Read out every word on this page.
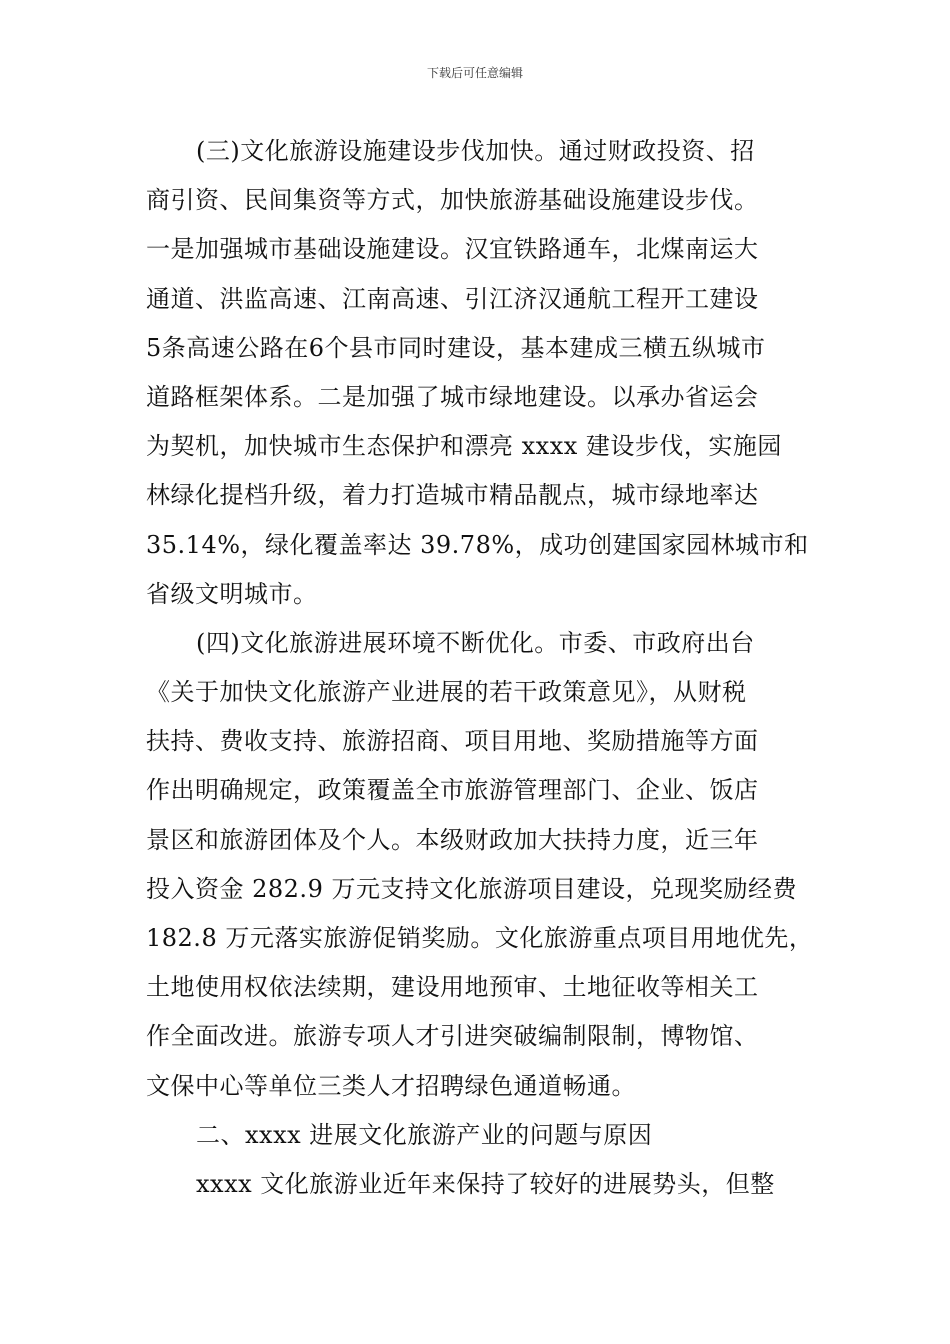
下载后可任意编辑
(三)文化旅游设施建设步伐加快。通过财政投资、招
商引资、民间集资等方式，加快旅游基础设施建设步伐。
一是加强城市基础设施建设。汉宜铁路通车，北煤南运大
通道、洪监高速、江南高速、引江济汉通航工程开工建设
5条高速公路在6个县市同时建设，基本建成三横五纵城市
道路框架体系。二是加强了城市绿地建设。以承办省运会
为契机，加快城市生态保护和漂亮 xxxx 建设步伐，实施园
林绿化提档升级，着力打造城市精品靓点，城市绿地率达
35.14%，绿化覆盖率达 39.78%，成功创建国家园林城市和
省级文明城市。
(四)文化旅游进展环境不断优化。市委、市政府出台
《关于加快文化旅游产业进展的若干政策意见》，从财税
扶持、费收支持、旅游招商、项目用地、奖励措施等方面
作出明确规定，政策覆盖全市旅游管理部门、企业、饭店
景区和旅游团体及个人。本级财政加大扶持力度，近三年
投入资金 282.9 万元支持文化旅游项目建设，兑现奖励经费
182.8 万元落实旅游促销奖励。文化旅游重点项目用地优先，
土地使用权依法续期，建设用地预审、土地征收等相关工
作全面改进。旅游专项人才引进突破编制限制，博物馆、
文保中心等单位三类人才招聘绿色通道畅通。
二、xxxx 进展文化旅游产业的问题与原因
xxxx 文化旅游业近年来保持了较好的进展势头，但整
